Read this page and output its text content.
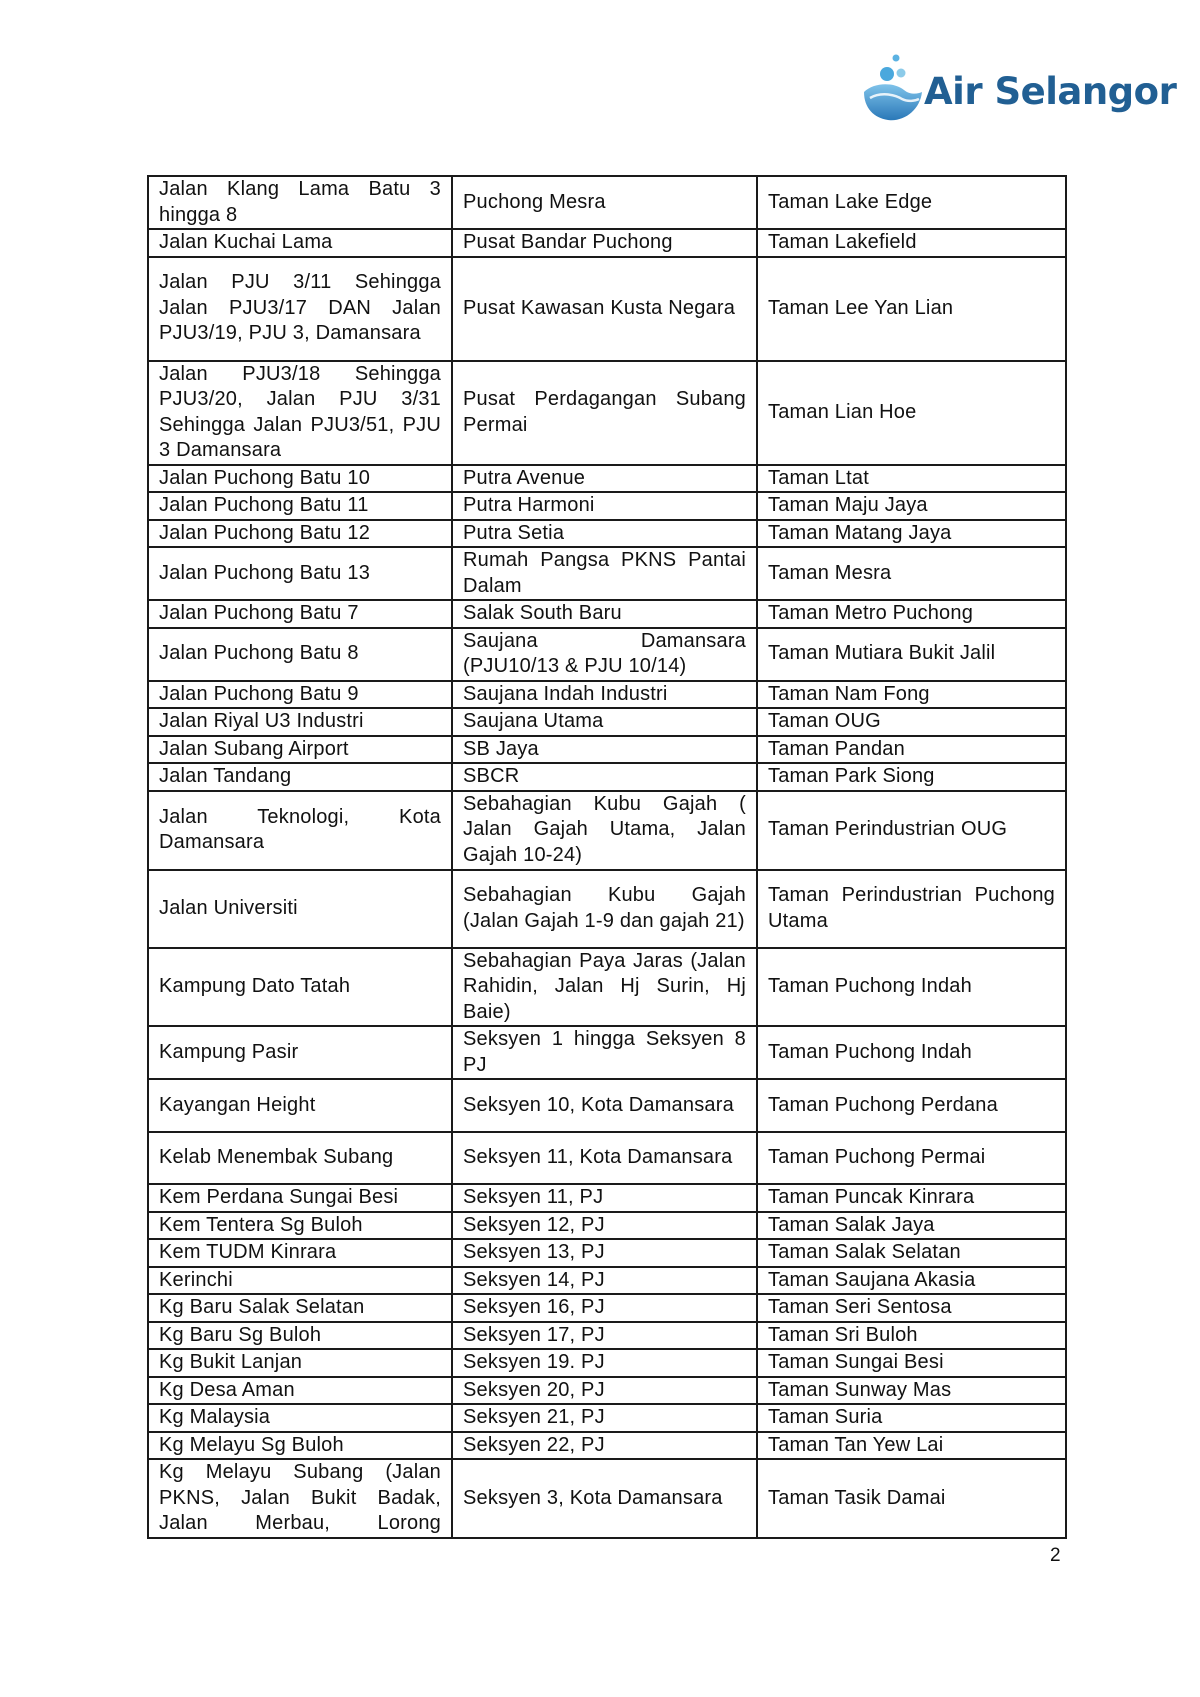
Air Selangor
Jalan Klang Lama Batu 3 hingga 8	Puchong Mesra	Taman Lake Edge
Jalan Kuchai Lama	Pusat Bandar Puchong	Taman Lakefield
Jalan PJU 3/11 Sehingga Jalan PJU3/17 DAN Jalan PJU3/19, PJU 3, Damansara	Pusat Kawasan Kusta Negara	Taman Lee Yan Lian
Jalan PJU3/18 Sehingga PJU3/20, Jalan PJU 3/31 Sehingga Jalan PJU3/51, PJU 3 Damansara	Pusat Perdagangan Subang Permai	Taman Lian Hoe
Jalan Puchong Batu 10	Putra Avenue	Taman Ltat
Jalan Puchong Batu 11	Putra Harmoni	Taman Maju Jaya
Jalan Puchong Batu 12	Putra Setia	Taman Matang Jaya
Jalan Puchong Batu 13	Rumah Pangsa PKNS Pantai Dalam	Taman Mesra
Jalan Puchong Batu 7	Salak South Baru	Taman Metro Puchong
Jalan Puchong Batu 8	Saujana Damansara (PJU10/13 & PJU 10/14)	Taman Mutiara Bukit Jalil
Jalan Puchong Batu 9	Saujana Indah Industri	Taman Nam Fong
Jalan Riyal U3 Industri	Saujana Utama	Taman OUG
Jalan Subang Airport	SB Jaya	Taman Pandan
Jalan Tandang	SBCR	Taman Park Siong
Jalan Teknologi, Kota Damansara	Sebahagian Kubu Gajah ( Jalan Gajah Utama, Jalan Gajah 10-24)	Taman Perindustrian OUG
Jalan Universiti	Sebahagian Kubu Gajah (Jalan Gajah 1-9 dan gajah 21)	Taman Perindustrian Puchong Utama
Kampung Dato Tatah	Sebahagian Paya Jaras (Jalan Rahidin, Jalan Hj Surin, Hj Baie)	Taman Puchong Indah
Kampung Pasir	Seksyen 1 hingga Seksyen 8 PJ	Taman Puchong Indah
Kayangan Height	Seksyen 10, Kota Damansara	Taman Puchong Perdana
Kelab Menembak Subang	Seksyen 11, Kota Damansara	Taman Puchong Permai
Kem Perdana Sungai Besi	Seksyen 11, PJ	Taman Puncak Kinrara
Kem Tentera Sg Buloh	Seksyen 12, PJ	Taman Salak Jaya
Kem TUDM Kinrara	Seksyen 13, PJ	Taman Salak Selatan
Kerinchi	Seksyen 14, PJ	Taman Saujana Akasia
Kg Baru Salak Selatan	Seksyen 16, PJ	Taman Seri Sentosa
Kg Baru Sg Buloh	Seksyen 17, PJ	Taman Sri Buloh
Kg Bukit Lanjan	Seksyen 19. PJ	Taman Sungai Besi
Kg Desa Aman	Seksyen 20, PJ	Taman Sunway Mas
Kg Malaysia	Seksyen 21, PJ	Taman Suria
Kg Melayu Sg Buloh	Seksyen 22, PJ	Taman Tan Yew Lai
Kg Melayu Subang (Jalan PKNS, Jalan Bukit Badak, Jalan Merbau, Lorong	Seksyen 3, Kota Damansara	Taman Tasik Damai
2
